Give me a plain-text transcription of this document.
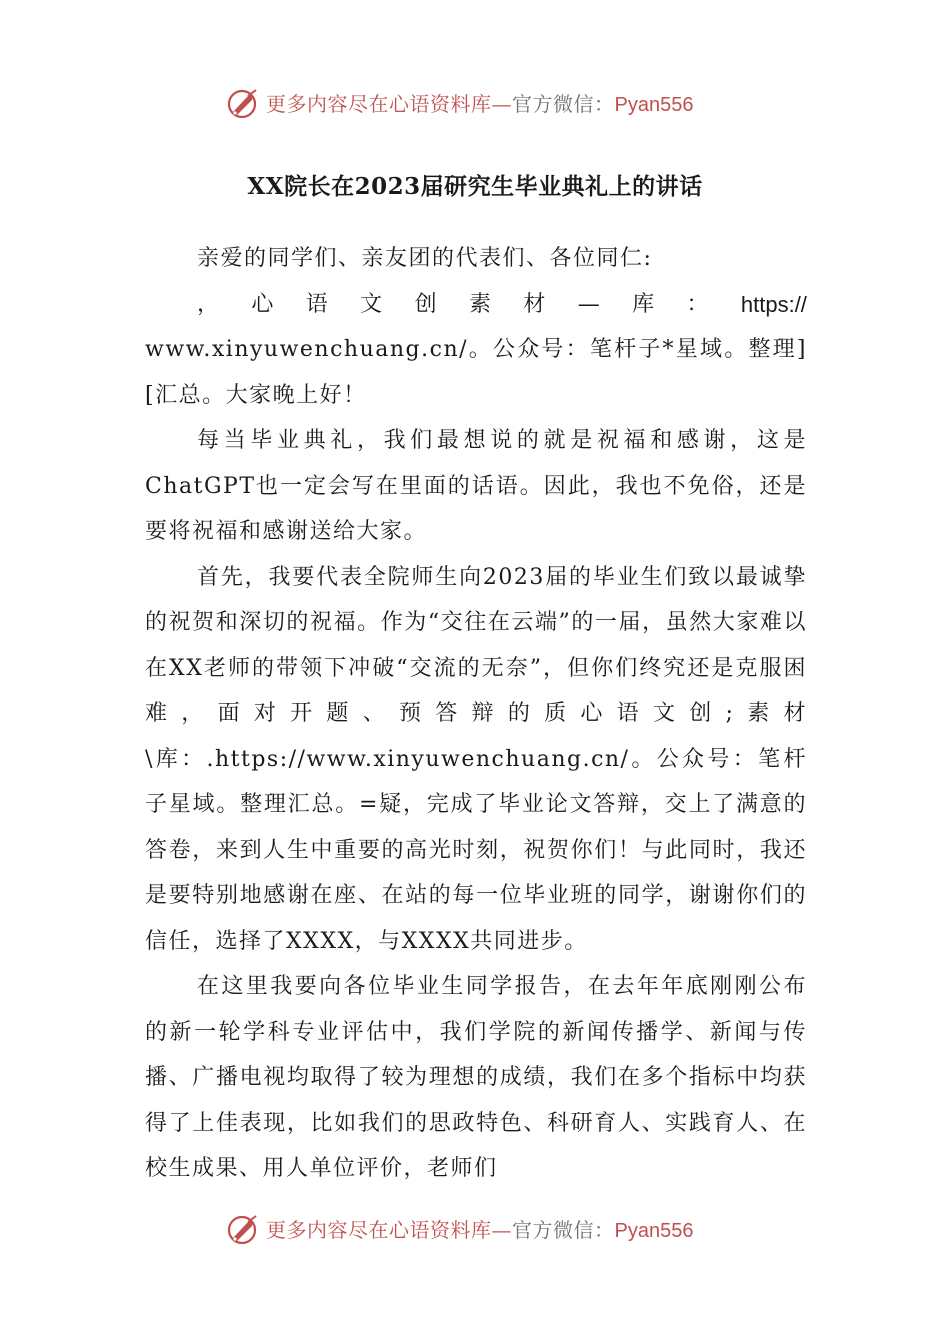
更多内容尽在心语资料库—官方微信：Pyan556
XX院长在2023届研究生毕业典礼上的讲话

亲爱的同学们、亲友团的代表们、各位同仁:

， 心 语 文 创 素 材 — 库 ： https://

www.xinyuwenchuang.cn/。公众号：笔杆子*星域。整理][汇总。大家晚上好！

每当毕业典礼，我们最想说的就是祝福和感谢，这是ChatGPT也一定会写在里面的话语。因此，我也不免俗，还是要将祝福和感谢送给大家。

首先，我要代表全院师生向2023届的毕业生们致以最诚挚的祝贺和深切的祝福。作为“交往在云端”的一届，虽然大家难以在XX老师的带领下冲破“交流的无奈”，但你们终究还是克服困难，面对开题、预答辩的质心语文创;素材\库：.https://www.xinyuwenchuang.cn/。公众号：笔杆子星域。整理汇总。=疑，完成了毕业论文答辩，交上了满意的答卷，来到人生中重要的高光时刻，祝贺你们！与此同时，我还是要特别地感谢在座、在站的每一位毕业班的同学，谢谢你们的信任，选择了XXXX，与XXXX共同进步。

在这里我要向各位毕业生同学报告，在去年年底刚刚公布的新一轮学科专业评估中，我们学院的新闻传播学、新闻与传播、广播电视均取得了较为理想的成绩，我们在多个指标中均获得了上佳表现，比如我们的思政特色、科研育人、实践育人、在校生成果、用人单位评价，老师们

更多内容尽在心语资料库—官方微信：Pyan556
